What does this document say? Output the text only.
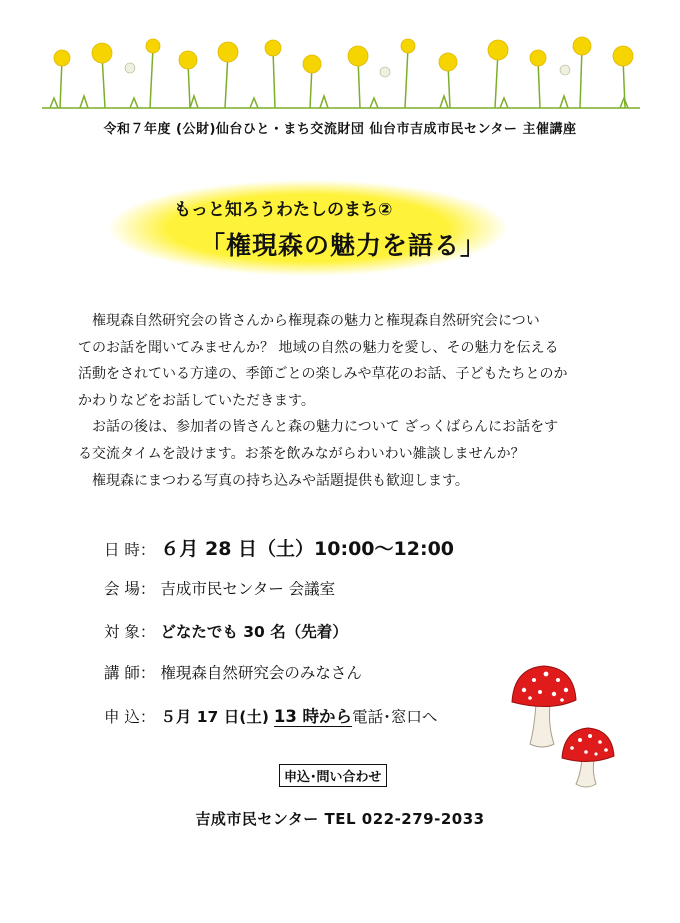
令和７年度 (公財)仙台ひと・まち交流財団 仙台市吉成市民センター 主催講座
もっと知ろうわたしのまち②
「権現森の魅力を語る」

　権現森自然研究会の皆さんから権現森の魅力と権現森自然研究会につい

てのお話を聞いてみませんか？ 地域の自然の魅力を愛し、その魅力を伝える

活動をされている方達の、季節ごとの楽しみや草花のお話、子どもたちとのか

かわりなどをお話していただきます。

　お話の後は、参加者の皆さんと森の魅力について ざっくばらんにお話をす

る交流タイムを設けます。お茶を飲みながらわいわい雑談しませんか？

　権現森にまつわる写真の持ち込みや話題提供も歓迎します。

日 時： ６月 28 日（土）10:00～12:00
会 場： 吉成市民センター 会議室
対 象： どなたでも 30 名（先着）
講 師： 権現森自然研究会のみなさん
申 込： ５月 17 日(土) 13 時から電話･窓口へ
申込･問い合わせ
吉成市民センター TEL 022-279-2033
